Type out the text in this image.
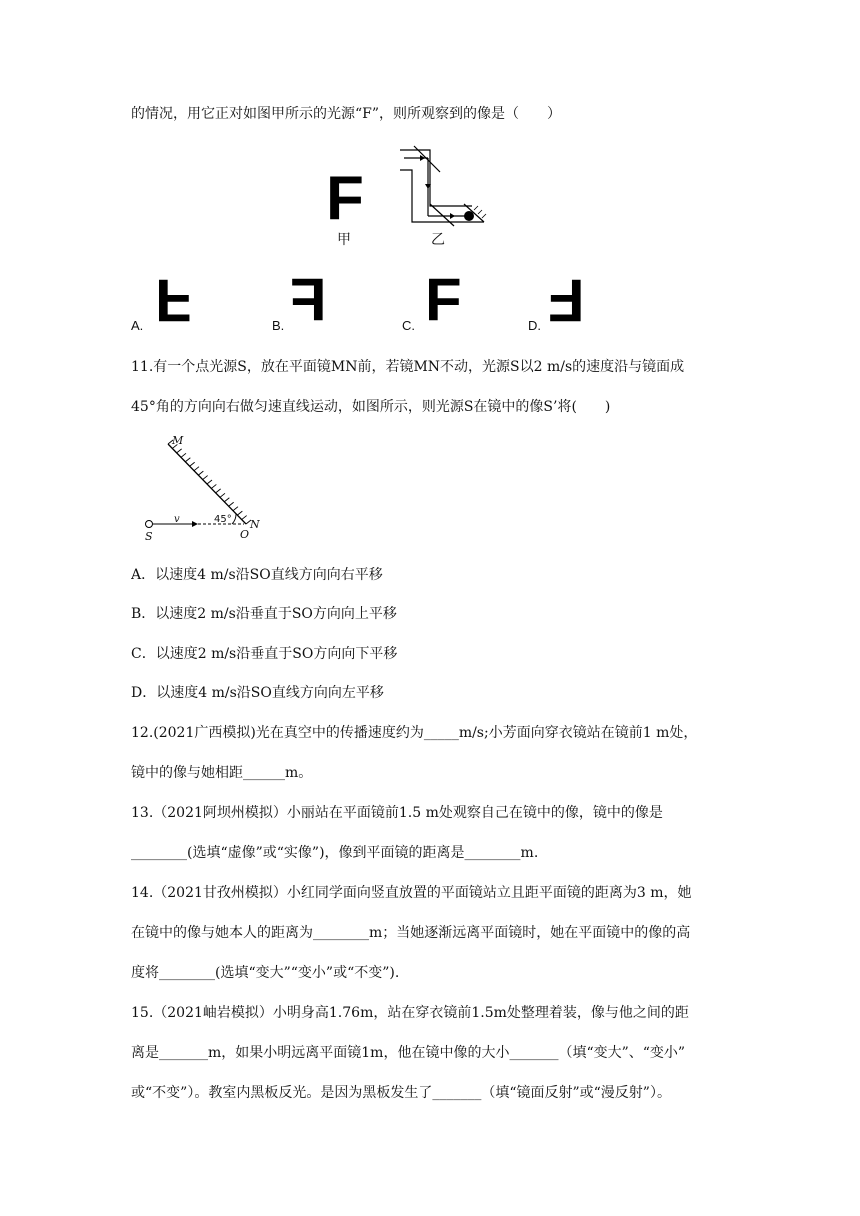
的情况，用它正对如图甲所示的光源“F”，则所观察到的像是（　　）
F
甲	乙
A. F	B. F	C. F	D. F
11.有一个点光源S，放在平面镜MN前，若镜MN不动，光源S以2 m/s的速度沿与镜面成
45°角的方向向右做匀速直线运动，如图所示，则光源S在镜中的像S’将(　　)
M
N
O
S
v	45°
A．以速度4 m/s沿SO直线方向向右平移
B．以速度2 m/s沿垂直于SO方向向上平移
C．以速度2 m/s沿垂直于SO方向向下平移
D．以速度4 m/s沿SO直线方向向左平移
12.(2021广西模拟)光在真空中的传播速度约为_____m/s;小芳面向穿衣镜站在镜前1 m处，
镜中的像与她相距______m。
13.（2021阿坝州模拟）小丽站在平面镜前1.5 m处观察自己在镜中的像，镜中的像是
________(选填“虚像”或“实像”)，像到平面镜的距离是________m.
14.（2021甘孜州模拟）小红同学面向竖直放置的平面镜站立且距平面镜的距离为3 m，她
在镜中的像与她本人的距离为________m；当她逐渐远离平面镜时，她在平面镜中的像的高
度将________(选填“变大”“变小”或“不变”).
15.（2021岫岩模拟）小明身高1.76m，站在穿衣镜前1.5m处整理着装，像与他之间的距
离是_______m，如果小明远离平面镜1m，他在镜中像的大小_______（填“变大”、“变小”
或“不变”）。教室内黑板反光。是因为黑板发生了_______（填“镜面反射”或“漫反射”）。
